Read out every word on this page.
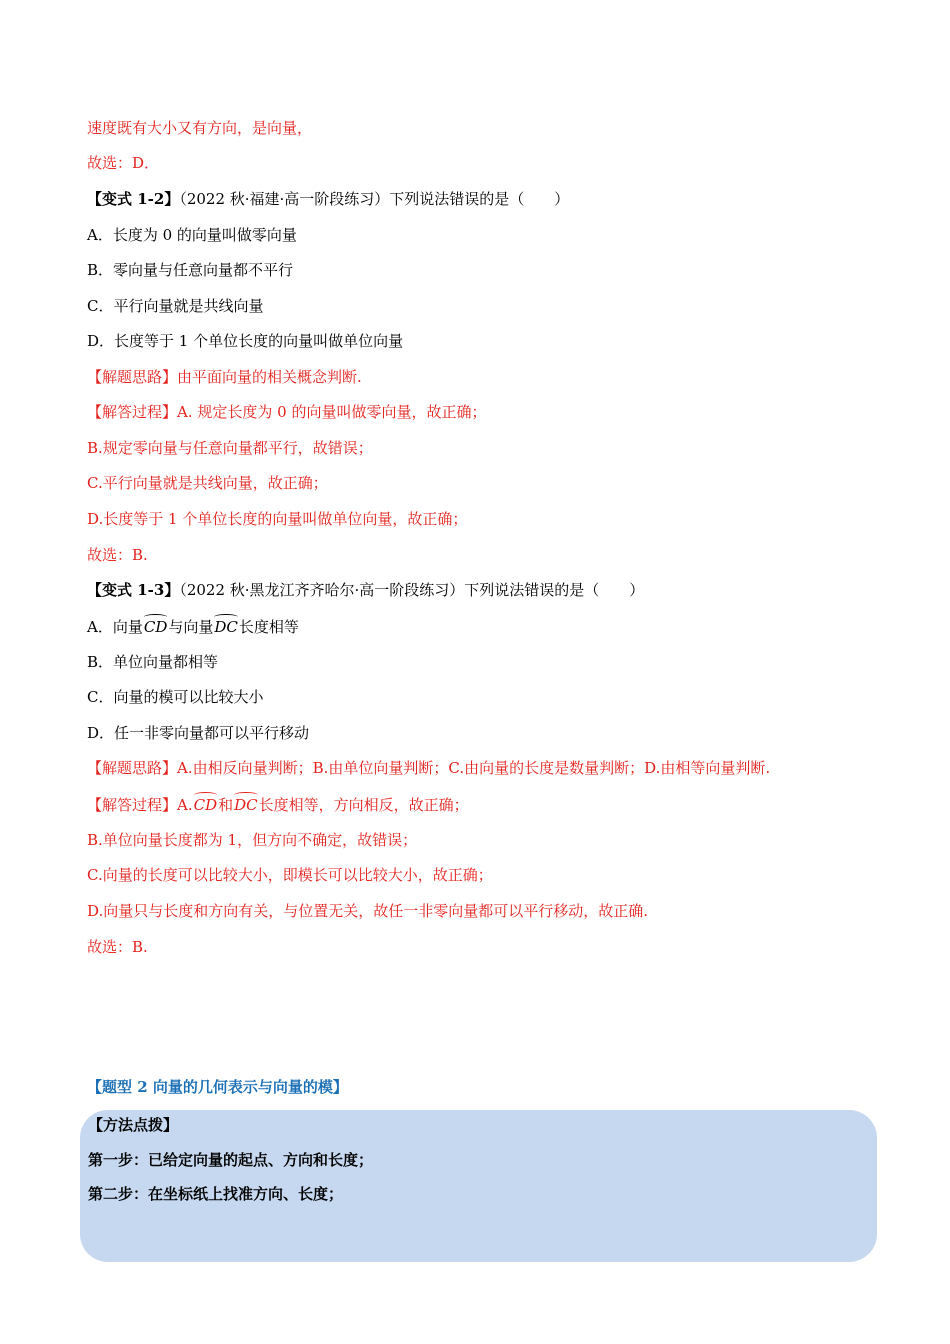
速度既有大小又有方向，是向量，
故选：D．
【变式 1-2】（2022 秋·福建·高一阶段练习）下列说法错误的是（　　）
A．长度为 0 的向量叫做零向量
B．零向量与任意向量都不平行
C．平行向量就是共线向量
D．长度等于 1 个单位长度的向量叫做单位向量
【解题思路】由平面向量的相关概念判断.
【解答过程】A. 规定长度为 0 的向量叫做零向量，故正确；
B.规定零向量与任意向量都平行，故错误；
C.平行向量就是共线向量，故正确；
D.长度等于 1 个单位长度的向量叫做单位向量，故正确；
故选：B.
【变式 1-3】（2022 秋·黑龙江齐齐哈尔·高一阶段练习）下列说法错误的是（　　）
A．向量CD与向量DC长度相等
B．单位向量都相等
C．向量的模可以比较大小
D．任一非零向量都可以平行移动
【解题思路】A.由相反向量判断；B.由单位向量判断；C.由向量的长度是数量判断；D.由相等向量判断.
【解答过程】A.CD和DC长度相等，方向相反，故正确；
B.单位向量长度都为 1，但方向不确定，故错误；
C.向量的长度可以比较大小，即模长可以比较大小，故正确；
D.向量只与长度和方向有关，与位置无关，故任一非零向量都可以平行移动，故正确.
故选：B.
【题型 2 向量的几何表示与向量的模】
【方法点拨】
第一步：已给定向量的起点、方向和长度；
第二步：在坐标纸上找准方向、长度；
